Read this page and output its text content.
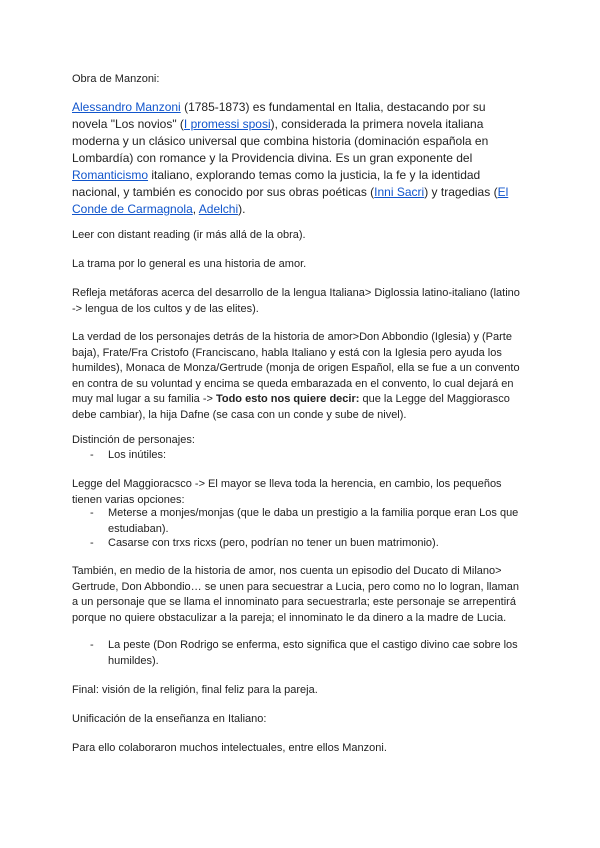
Obra de Manzoni:
Alessandro Manzoni (1785-1873) es fundamental en Italia, destacando por su novela "Los novios" (I promessi sposi), considerada la primera novela italiana moderna y un clásico universal que combina historia (dominación española en Lombardía) con romance y la Providencia divina. Es un gran exponente del Romanticismo italiano, explorando temas como la justicia, la fe y la identidad nacional, y también es conocido por sus obras poéticas (Inni Sacri) y tragedias (El Conde de Carmagnola, Adelchi).
Leer con distant reading (ir más allá de la obra).
La trama por lo general es una historia de amor.
Refleja metáforas acerca del desarrollo de la lengua Italiana> Diglossia latino-italiano (latino -> lengua de los cultos y de las elites).
La verdad de los personajes detrás de la historia de amor>Don Abbondio (Iglesia) y (Parte baja), Frate/Fra Cristofo (Franciscano, habla Italiano y está con la Iglesia pero ayuda los humildes), Monaca de Monza/Gertrude (monja de origen Español, ella se fue a un convento en contra de su voluntad y encima se queda embarazada en el convento, lo cual dejará en muy mal lugar a su familia -> Todo esto nos quiere decir: que la Legge del Maggiorasco debe cambiar), la hija Dafne (se casa con un conde y sube de nivel).
Distinción de personajes:
- Los inútiles:
Legge del Maggioracsco -> El mayor se lleva toda la herencia, en cambio, los pequeños tienen varias opciones:
- Meterse a monjes/monjas (que le daba un prestigio a la familia porque eran Los que estudiaban).
- Casarse con trxs ricxs (pero, podrían no tener un buen matrimonio).
También, en medio de la historia de amor, nos cuenta un episodio del Ducato di Milano> Gertrude, Don Abbondio… se unen para secuestrar a Lucia, pero como no lo logran, llaman a un personaje que se llama el innominato para secuestrarla; este personaje se arrepentirá porque no quiere obstaculizar a la pareja; el innominato le da dinero a la madre de Lucia.
- La peste (Don Rodrigo se enferma, esto significa que el castigo divino cae sobre los humildes).
Final: visión de la religión, final feliz para la pareja.
Unificación de la enseñanza en Italiano:
Para ello colaboraron muchos intelectuales, entre ellos Manzoni.
